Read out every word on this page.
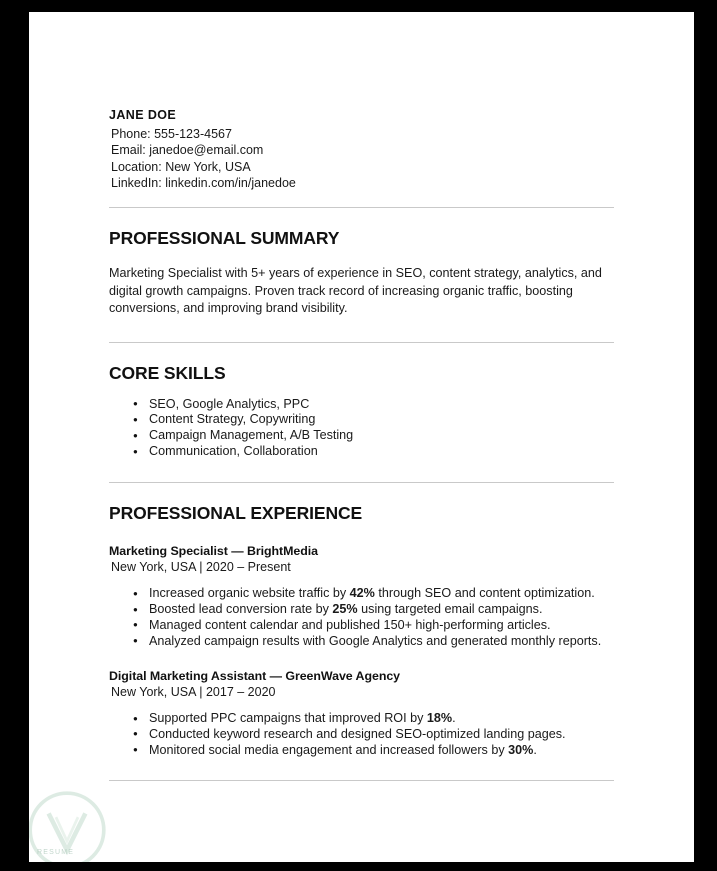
JANE DOE
Phone: 555-123-4567
Email: janedoe@email.com
Location: New York, USA
LinkedIn: linkedin.com/in/janedoe
PROFESSIONAL SUMMARY
Marketing Specialist with 5+ years of experience in SEO, content strategy, analytics, and digital growth campaigns. Proven track record of increasing organic traffic, boosting conversions, and improving brand visibility.
CORE SKILLS
● SEO, Google Analytics, PPC
● Content Strategy, Copywriting
● Campaign Management, A/B Testing
● Communication, Collaboration
PROFESSIONAL EXPERIENCE
Marketing Specialist — BrightMedia
New York, USA | 2020 – Present
● Increased organic website traffic by 42% through SEO and content optimization.
● Boosted lead conversion rate by 25% using targeted email campaigns.
● Managed content calendar and published 150+ high-performing articles.
● Analyzed campaign results with Google Analytics and generated monthly reports.
Digital Marketing Assistant — GreenWave Agency
New York, USA | 2017 – 2020
● Supported PPC campaigns that improved ROI by 18%.
● Conducted keyword research and designed SEO-optimized landing pages.
● Monitored social media engagement and increased followers by 30%.
RESUME
